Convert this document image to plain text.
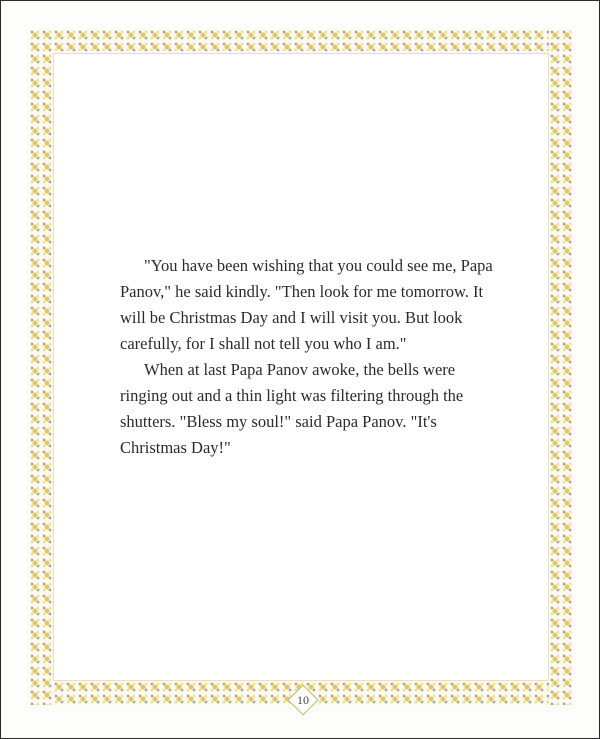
"You have been wishing that you could see me, Papa Panov," he said kindly. "Then look for me tomorrow. It will be Christmas Day and I will visit you. But look carefully, for I shall not tell you who I am."

When at last Papa Panov awoke, the bells were ringing out and a thin light was filtering through the shutters. "Bless my soul!" said Papa Panov. "It's Christmas Day!"

10
